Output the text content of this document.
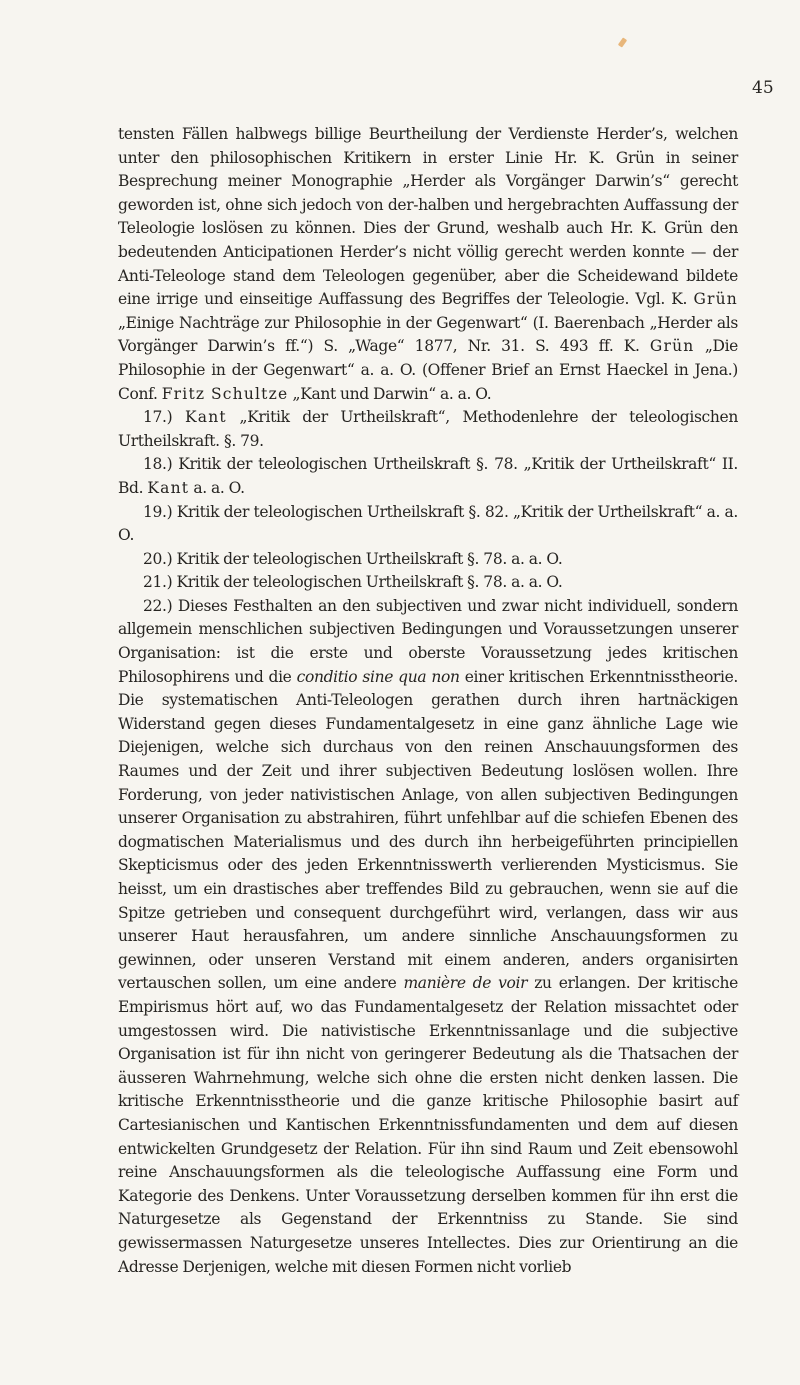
45

tensten Fällen halbwegs billige Beurtheilung der Verdienste Herder’s, welchen unter den philosophischen Kritikern in erster Linie Hr. K. Grün in seiner Besprechung meiner Monographie „Herder als Vorgänger Darwin’s“ gerecht geworden ist, ohne sich jedoch von der-halben und hergebrachten Auffassung der Teleologie loslösen zu können. Dies der Grund, weshalb auch Hr. K. Grün den bedeutenden Anticipationen Herder’s nicht völlig gerecht werden konnte — der Anti-Teleologe stand dem Teleologen gegenüber, aber die Scheidewand bildete eine irrige und einseitige Auffassung des Begriffes der Teleologie. Vgl. K. Grün „Einige Nachträge zur Philosophie in der Gegenwart“ (I. Baerenbach „Herder als Vorgänger Darwin’s ff.“) S. „Wage“ 1877, Nr. 31. S. 493 ff. K. Grün „Die Philosophie in der Gegenwart“ a. a. O. (Offener Brief an Ernst Haeckel in Jena.) Conf. Fritz Schultze „Kant und Darwin“ a. a. O.

17.) Kant „Kritik der Urtheilskraft“, Methodenlehre der teleologischen Urtheilskraft. §. 79.

18.) Kritik der teleologischen Urtheilskraft §. 78. „Kritik der Urtheilskraft“ II. Bd. Kant a. a. O.

19.) Kritik der teleologischen Urtheilskraft §. 82. „Kritik der Urtheilskraft“ a. a. O.

20.) Kritik der teleologischen Urtheilskraft §. 78. a. a. O.

21.) Kritik der teleologischen Urtheilskraft §. 78. a. a. O.

22.) Dieses Festhalten an den subjectiven und zwar nicht individuell, sondern allgemein menschlichen subjectiven Bedingungen und Voraussetzungen unserer Organisation: ist die erste und oberste Voraussetzung jedes kritischen Philosophirens und die conditio sine qua non einer kritischen Erkenntnisstheorie. Die systematischen Anti-Teleologen gerathen durch ihren hartnäckigen Widerstand gegen dieses Fundamentalgesetz in eine ganz ähnliche Lage wie Diejenigen, welche sich durchaus von den reinen Anschauungsformen des Raumes und der Zeit und ihrer subjectiven Bedeutung loslösen wollen. Ihre Forderung, von jeder nativistischen Anlage, von allen subjectiven Bedingungen unserer Organisation zu abstrahiren, führt unfehlbar auf die schiefen Ebenen des dogmatischen Materialismus und des durch ihn herbeigeführten principiellen Skepticismus oder des jeden Erkenntnisswerth verlierenden Mysticismus. Sie heisst, um ein drastisches aber treffendes Bild zu gebrauchen, wenn sie auf die Spitze getrieben und consequent durchgeführt wird, verlangen, dass wir aus unserer Haut herausfahren, um andere sinnliche Anschauungsformen zu gewinnen, oder unseren Verstand mit einem anderen, anders organisirten vertauschen sollen, um eine andere manière de voir zu erlangen. Der kritische Empirismus hört auf, wo das Fundamentalgesetz der Relation missachtet oder umgestossen wird. Die nativistische Erkenntnissanlage und die subjective Organisation ist für ihn nicht von geringerer Bedeutung als die Thatsachen der äusseren Wahrnehmung, welche sich ohne die ersten nicht denken lassen. Die kritische Erkenntnisstheorie und die ganze kritische Philosophie basirt auf Cartesianischen und Kantischen Erkenntnissfundamenten und dem auf diesen entwickelten Grundgesetz der Relation. Für ihn sind Raum und Zeit ebensowohl reine Anschauungsformen als die teleologische Auffassung eine Form und Kategorie des Denkens. Unter Voraussetzung derselben kommen für ihn erst die Naturgesetze als Gegenstand der Erkenntniss zu Stande. Sie sind gewissermassen Naturgesetze unseres Intellectes. Dies zur Orientirung an die Adresse Derjenigen, welche mit diesen Formen nicht vorlieb
